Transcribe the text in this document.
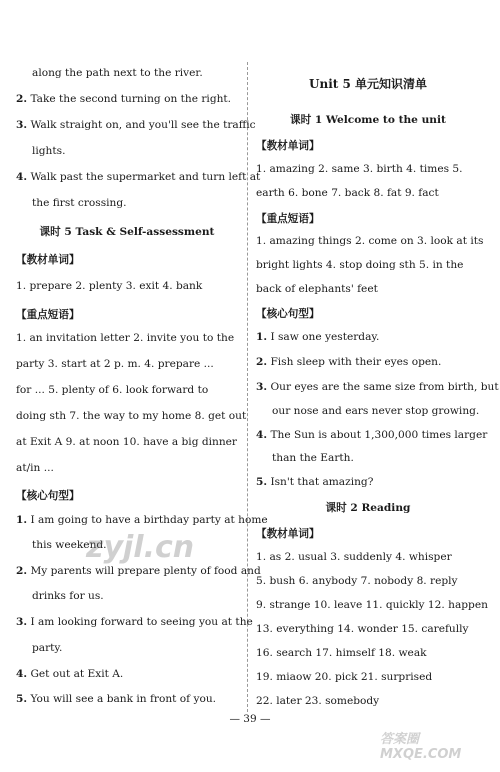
along the path next to the river.
2. Take the second turning on the right.
3. Walk straight on, and you'll see the traffic
lights.
4. Walk past the supermarket and turn left at
the first crossing.
课时 5 Task & Self-assessment
【教材单词】
1. prepare 2. plenty 3. exit 4. bank
【重点短语】
1. an invitation letter 2. invite you to the
party 3. start at 2 p. m. 4. prepare ...
for ... 5. plenty of 6. look forward to
doing sth 7. the way to my home 8. get out
at Exit A 9. at noon 10. have a big dinner
at/in ...
【核心句型】
1. I am going to have a birthday party at home
this weekend.
2. My parents will prepare plenty of food and
drinks for us.
3. I am looking forward to seeing you at the
party.
4. Get out at Exit A.
5. You will see a bank in front of you.
Unit 5 单元知识清单
课时 1 Welcome to the unit
【教材单词】
1. amazing 2. same 3. birth 4. times 5.
earth 6. bone 7. back 8. fat 9. fact
【重点短语】
1. amazing things 2. come on 3. look at its
bright lights 4. stop doing sth 5. in the
back of elephants' feet
【核心句型】
1. I saw one yesterday.
2. Fish sleep with their eyes open.
3. Our eyes are the same size from birth, but
our nose and ears never stop growing.
4. The Sun is about 1,300,000 times larger
than the Earth.
5. Isn't that amazing?
课时 2 Reading
【教材单词】
1. as 2. usual 3. suddenly 4. whisper
5. bush 6. anybody 7. nobody 8. reply
9. strange 10. leave 11. quickly 12. happen
13. everything 14. wonder 15. carefully
16. search 17. himself 18. weak
19. miaow 20. pick 21. surprised
22. later 23. somebody
— 39 —
zyjl.cn
答案圈 MXQE.COM
